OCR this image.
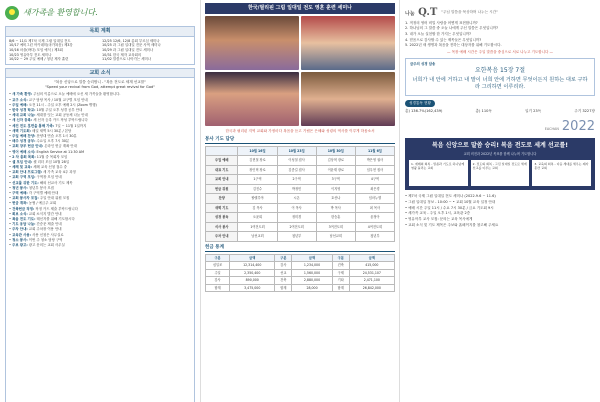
새가족을 환영합니다.
목회 계획
8/6 ~ 11/1 제7차 국제 그림 일대일 전도	12/25 12/6, 12/8 총회 부르심 세미나
10/17 예비그린 아카데미(마가복음) 제3강	10/25 과 그림 일대일 전문 사역 세미나
10/16 마을(바다) 모임 예식 / 제3회	10/29 과 그림 일대일 전도 세미나
10/23 영유아부 전도 세미나	10/31 한국 제자 교육회의
10/22 ~ 29 주일 예배 / 청년 제자 훈련	11/02 말씀으로 나아가는 세미나
교회 소식
"복음 신앙으로 말씀 승리합니 - "복음 전도로 세계 선교를"
"Speed your revival from God, attempt great revival for God"
• 새 가족 환영: 주님의 이름으로 오늘 예배에 오신 새 가족들을 환영합니다.
• 교구 소식: 교구 담당 목사 / 10월 교구별 모임 안내
• 주일 예배: 오전 11시 - 주일 오후 예배 2시 (Zoom 병행)
• 한국 성경 학교: 10월 주일 오후 성경 공부 안내
• 세대 교회 나눔: 세대를 잇는 교회 공동체 나눔 안내
• 새 신자 등록: 새 신자 등록 카드 작성 부탁드립니다
• 세컨 전도 훈련을 통해 가족: 7일 ~ 11월 1일까지
• 새벽 기도회: 매일 새벽 5시 30분 / 본당
• 주일 예배 찬양: 찬양대 연습 오후 1시 30분
• 매주 성경 공부: 수요일 오후 7시 30분
• 교회 장부 헌금 안내: 온라인 헌금 계좌 안내
• 영어 예배 소식: English Service at 11:30 AM
• 2 차 총회 목회: 11월 중 목회자 모임
• 셀 모임 안내: 셀 리더 모임 10월 28일
• 세례 및 교육: 세례 교육 신청 접수 중
• 교회 안내 프로그램: 새 가족 교육 4주 과정
• 교회 구역 모임: 구역장 모임 안내
• 선교를 위한 기도: 해외 선교사 기도 제목
• 청년 봉사: 청년부 봉사 모집
• 구역 예배: 각 구역별 예배 안내
• 교회 봉사자 모집: 주일 안내 위원 모집
• 헌금 계좌: 농협 / 예금주 교회
• 건축헌금 작정: 작정 카드 제출 부탁드립니다
• 회보 소식: 교회 소식지 발간 안내
• 복음 전도 기도: 태신자를 위해 기도합시다
• 기도 응답 나눔: 간증문 제출 안내
• 주차 안내: 교회 주차장 이용 안내
• 교육관 사용: 사용 신청은 사무실로
• 청소 봉사: 이번 주 청소 담당 구역
• 주보 광고: 광고 문의는 교회 사무실
한국/필리핀 그림 일대일 전도 영혼 훈련 세미나
한국과 필리핀 지역 교회와 가정마다 복음을 듣고 기립은 은혜와 성령의 역사를 이루게 하옵소서
봉사 기도 담당
	10월 16일	10월 23일	10월 30일	11월 6일
주일 예배	김현철 장로	이성철 집사	김상혁 장로	박은영 권사
대표 기도	장인혁 장로	김종길 집사	이윤재 장로	임우현 집사
교회 안내	1구역	2구역	3구역	4구역
헌금 위원	김진수	박정민	이지영	최은경
찬양	할렐루야	시온	호산나	임마누엘
새벽 기도	김 목사	이 목사	박 목사	최 목사
성경 봉독	오윤희	정미경	한승훈	윤정아
식사 봉사	1여전도회	2여전도회	3여전도회	4여전도회
주차 안내	남선교회	청년부	남선교회	청년부
헌금 통계
구분	금액	구분	금액	구분	금액
십일조	12,314,400	감사	1,234,000	건축	415,000
주일	2,350,400	선교	1,560,000	구제	24,531,107
감사	890,000	건축	2,880,000	기타	2,471,100
합계	3,475,000	합계	28,000	합계	26,842,000
나눔 Q.T "주님 말씀을 묵상하며 나누는 시간"
1. 적정의 영어 비밀 사랑을 어떻게 표현합니까?
2. 하나님의 그 말씀 중 오늘 나에게 주신 말씀은 무엇입니까?
3. 내가 오늘 실천할 한 가지는 무엇입니까?
4. 믿음으로 감사할 수 있는 제목들은 무엇입니까?
5. 2022년 새 생명과 복음을 전하는 대상자를 위해 기도합시다.
— 목장 예배 시간은 주일 말씀을 중심으로 서로 나누고 기도합니다 —
금주의 성경 암송
요한복음 15장 7절
너희가 내 안에 거하고 내 말이 너희 안에 거하면 무엇이든지 원하는 대로 구하라 그리하면 이루리라.
성경통독 현황
총) 136.7%(162,439)	총) 110독	일기 23독	주기 3227장
EACHAN 2022
복음 신앙으로 말씀 승리! 복음 전도로 세계 선교를!
교회 비전과 2022년 목표를 함께 나누며 기도합니다
1. 예배의 회복 - 말씀과 기도로 하나님께 영광 돌리는 교회
2. 전도의 회복 - 그림 일대일 전도로 세계 선교를 이루는 교회
3. 교육의 회복 - 다음 세대를 세우는 제자 훈련 교회
• 제7차 국제 그림 일대일 전도 세미나 (2022.9.6 ~ 11.6)
• 그림 일대일 정보 - 10:00 ~ • 교회 10월 교육 일정 안내
• 예배 시간 주일 11시 / 수요 7시 30분 / 금요 기도회 9시
• 새가족 교육 - 주일 오후 1시, 교육관 2층
• 영유아부 교사 모집: 문의는 교육 목사에게
• 교회 소식 및 기도 제목은 주보와 홈페이지를 참고해 주세요
